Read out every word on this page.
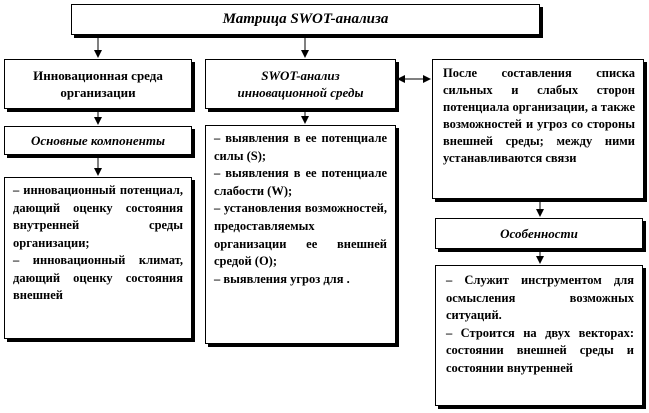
Матрица SWOT-анализа
Инновационная среда организации
SWOT-анализ инновационной среды
После составления списка сильных и слабых сторон потенциала организации, а также возможностей и угроз со стороны внешней среды; между ними устанавливаются связи
Основные компоненты

– инновационный потенциал, дающий оценку состояния внутренней среды организации;

– инновационный климат, дающий оценку состояния внешней

– выявления в ее потенциале силы (S);

– выявления в ее потенциале слабости (W);

– установления возможностей, предоставляемых организации ее внешней средой (O);

– выявления угроз для .

Особенности

– Служит инструментом для осмысления возможных ситуаций.

– Строится на двух векторах: состоянии внешней среды и состоянии внутренней
